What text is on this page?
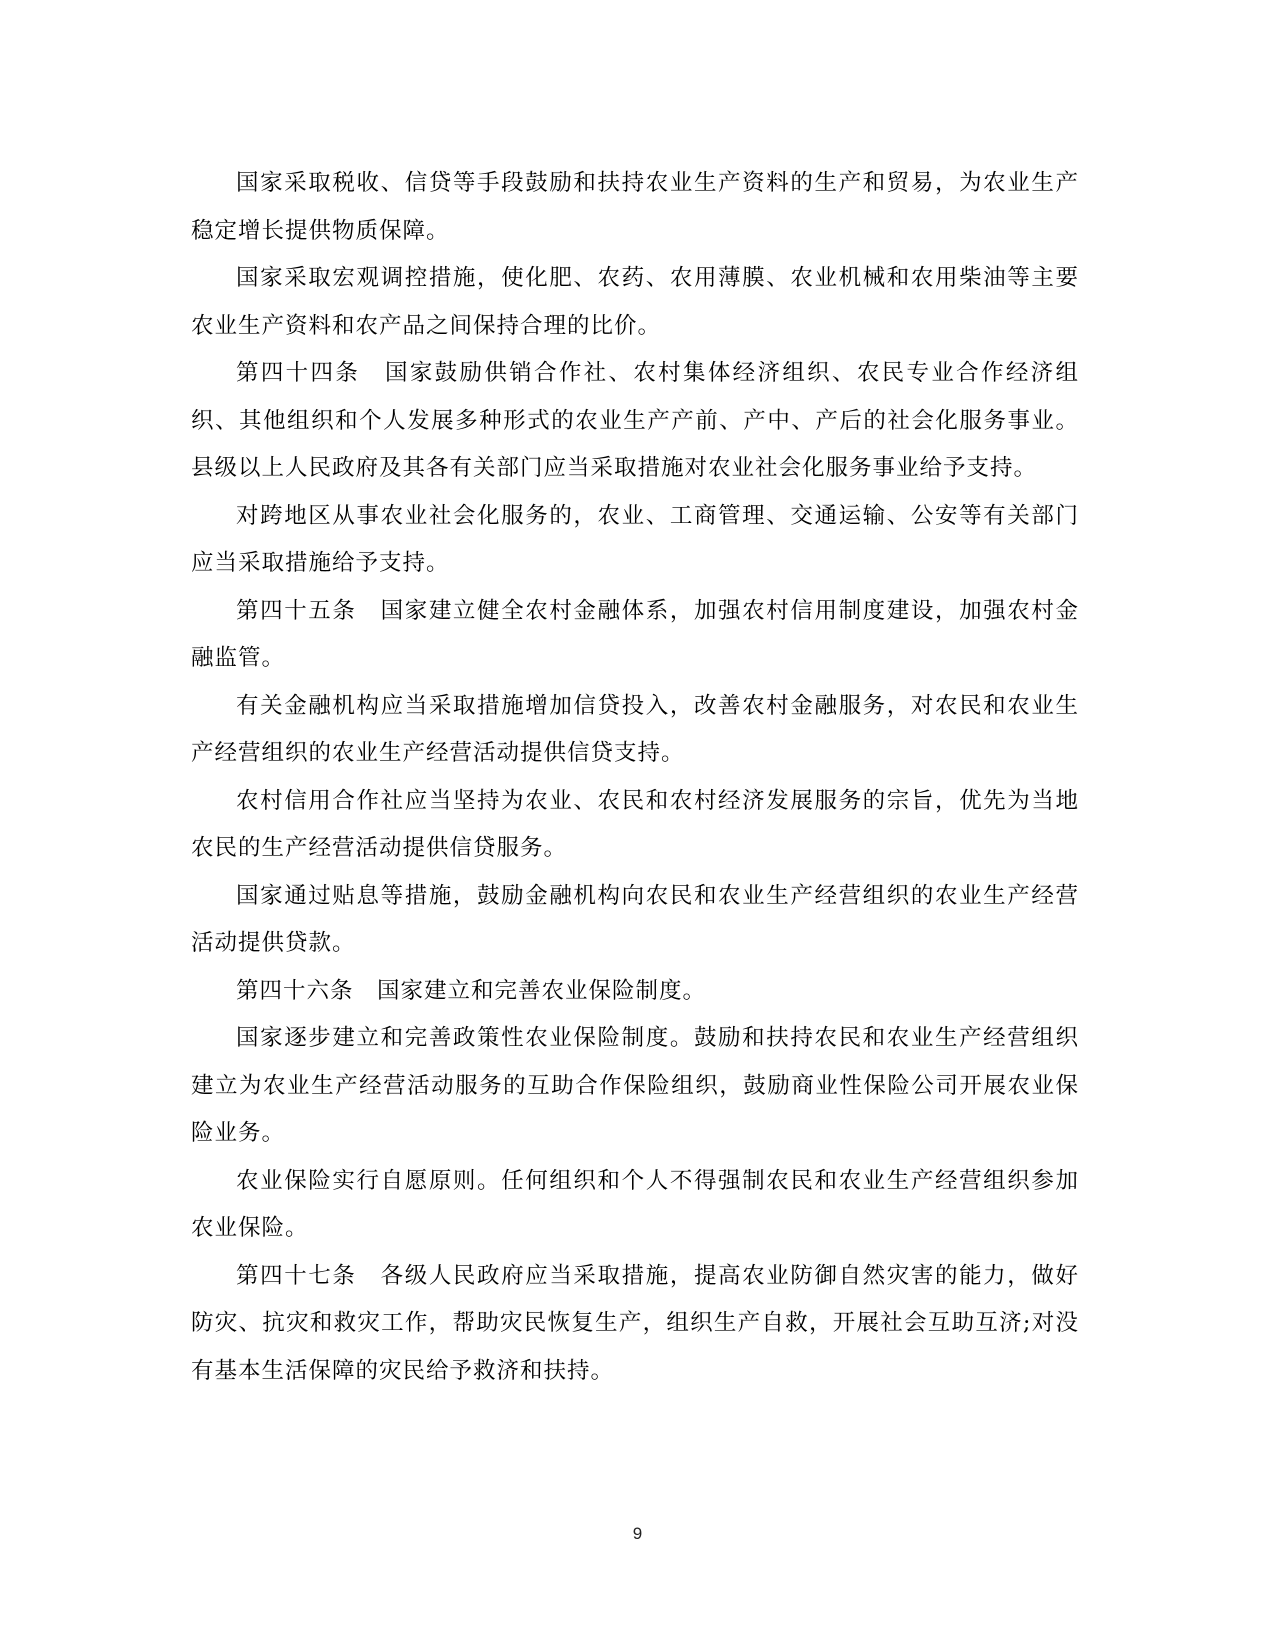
国家采取税收、信贷等手段鼓励和扶持农业生产资料的生产和贸易，为农业生产稳定增长提供物质保障。

国家采取宏观调控措施，使化肥、农药、农用薄膜、农业机械和农用柴油等主要农业生产资料和农产品之间保持合理的比价。

第四十四条　国家鼓励供销合作社、农村集体经济组织、农民专业合作经济组织、其他组织和个人发展多种形式的农业生产产前、产中、产后的社会化服务事业。县级以上人民政府及其各有关部门应当采取措施对农业社会化服务事业给予支持。

对跨地区从事农业社会化服务的，农业、工商管理、交通运输、公安等有关部门应当采取措施给予支持。

第四十五条　国家建立健全农村金融体系，加强农村信用制度建设，加强农村金融监管。

有关金融机构应当采取措施增加信贷投入，改善农村金融服务，对农民和农业生产经营组织的农业生产经营活动提供信贷支持。

农村信用合作社应当坚持为农业、农民和农村经济发展服务的宗旨，优先为当地农民的生产经营活动提供信贷服务。

国家通过贴息等措施，鼓励金融机构向农民和农业生产经营组织的农业生产经营活动提供贷款。

第四十六条　国家建立和完善农业保险制度。

国家逐步建立和完善政策性农业保险制度。鼓励和扶持农民和农业生产经营组织建立为农业生产经营活动服务的互助合作保险组织，鼓励商业性保险公司开展农业保险业务。

农业保险实行自愿原则。任何组织和个人不得强制农民和农业生产经营组织参加农业保险。

第四十七条　各级人民政府应当采取措施，提高农业防御自然灾害的能力，做好防灾、抗灾和救灾工作，帮助灾民恢复生产，组织生产自救，开展社会互助互济;对没有基本生活保障的灾民给予救济和扶持。

9
